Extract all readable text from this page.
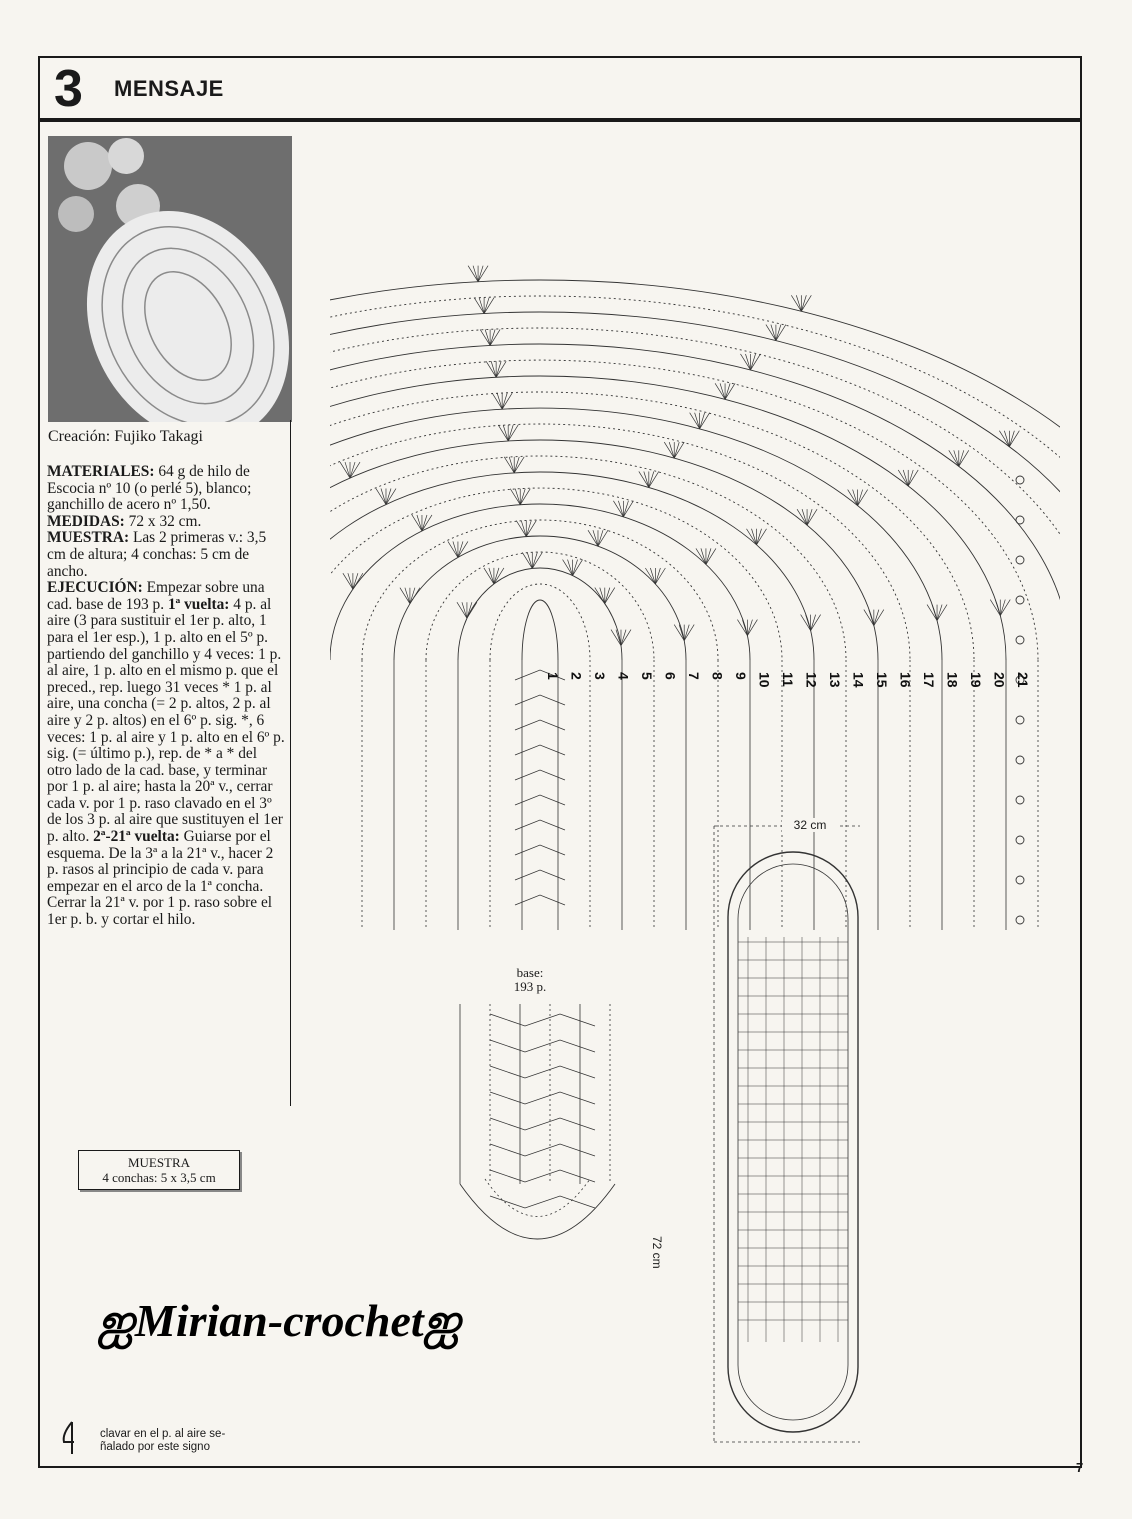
3 MENSAJE
Creación: Fujiko Takagi
MATERIALES: 64 g de hilo de Escocia nº 10 (o perlé 5), blanco; ganchillo de acero nº 1,50.
MEDIDAS: 72 x 32 cm.
MUESTRA: Las 2 primeras v.: 3,5 cm de altura; 4 conchas: 5 cm de ancho.
EJECUCIÓN: Empezar sobre una cad. base de 193 p. 1ª vuelta: 4 p. al aire (3 para sustituir el 1er p. alto, 1 para el 1er esp.), 1 p. alto en el 5º p. partiendo del ganchillo y 4 veces: 1 p. al aire, 1 p. alto en el mismo p. que el preced., rep. luego 31 veces * 1 p. al aire, una concha (= 2 p. altos, 2 p. al aire y 2 p. altos) en el 6º p. sig. *, 6 veces: 1 p. al aire y 1 p. alto en el 6º p. sig. (= último p.), rep. de * a * del otro lado de la cad. base, y terminar por 1 p. al aire; hasta la 20ª v., cerrar cada v. por 1 p. raso clavado en el 3º de los 3 p. al aire que sustituyen el 1er p. alto. 2ª-21ª vuelta: Guiarse por el esquema. De la 3ª a la 21ª v., hacer 2 p. rasos al principio de cada v. para empezar en el arco de la 1ª concha. Cerrar la 21ª v. por 1 p. raso sobre el 1er p. b. y cortar el hilo.
MUESTRA
4 conchas: 5 x 3,5 cm
1 2 3 4 5 6 7 8 9 10 11 12 13 14 15 16 17 18 19 20 21
base:
193 p.
32 cm
72 cm
ஐMirian-crochetஐ
clavar en el p. al aire se-
ñalado por este signo
7
